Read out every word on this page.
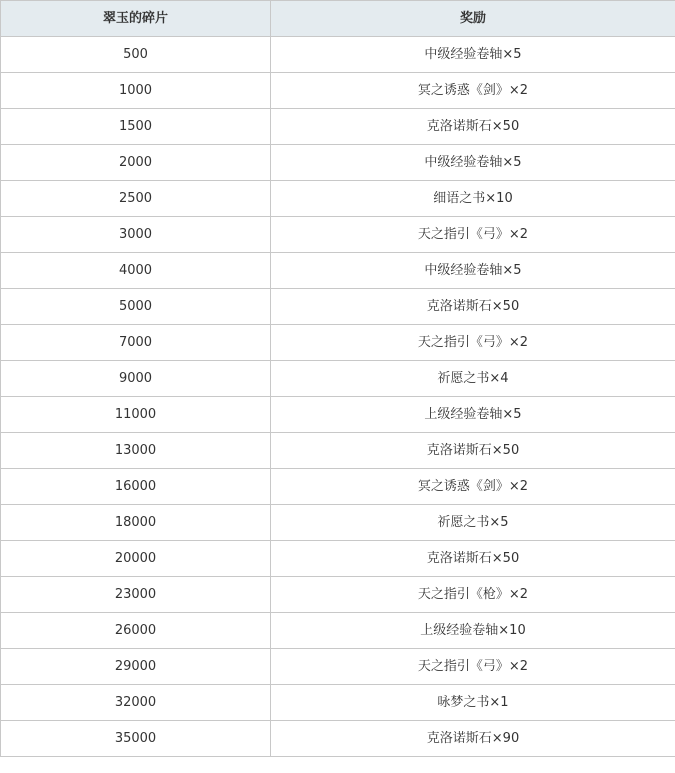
翠玉的碎片	奖励
500	中级经验卷轴×5
1000	冥之诱惑《剑》×2
1500	克洛诺斯石×50
2000	中级经验卷轴×5
2500	细语之书×10
3000	天之指引《弓》×2
4000	中级经验卷轴×5
5000	克洛诺斯石×50
7000	天之指引《弓》×2
9000	祈愿之书×4
11000	上级经验卷轴×5
13000	克洛诺斯石×50
16000	冥之诱惑《剑》×2
18000	祈愿之书×5
20000	克洛诺斯石×50
23000	天之指引《枪》×2
26000	上级经验卷轴×10
29000	天之指引《弓》×2
32000	咏梦之书×1
35000	克洛诺斯石×90
